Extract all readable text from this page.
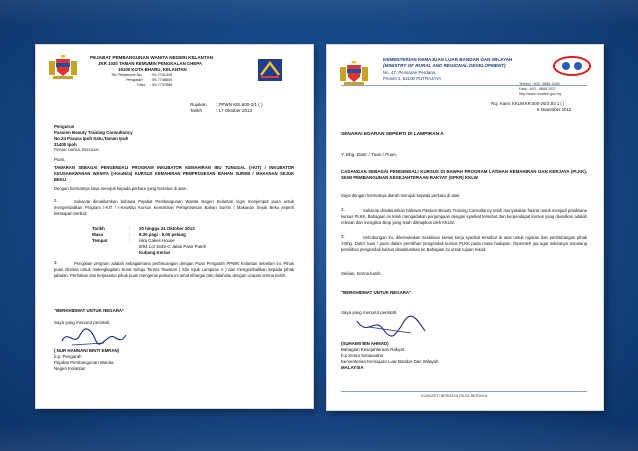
PEJABAT PEMBANGUNAN WANITA NEGERI KELANTAN
JKR 1030 TAMAN KEMUMIN PENGKALAN CHEPA
16100 KOTA BHARU, KELANTAN
Tel./Telephone No. : 09-7741426
Pengarah : 09-7748605
Faks : 09-7737688
Rujukan : PPWN KEL600-2/1 ( )
Tarikh	: 17 Oktober 2013
Pengurus
Passion Beauty Training Consultancy
No.24 Pasara Ipoh Satu,Taman Ipoh
31400 Ipoh
PERAK DARUL RIDZUAN
Puan,
TAWARAN SEBAGAI PENGENDALI PROGRAM INKUBATOR KEMAHIRAN IBU TUNGGAL (I-KIT) / INKUBATOR KEUSAHAWANAN WANITA (I-KeuNita) KURSUS KEMAHIRAN PEMPROSESAN BAHAN SURIMI / MAKANAN SEJUK BEKU
Dengan hormatnya saya merujuk kepada perkara yang tersebut di atas.
2.	Sukacita dimaklumkan bahawa Pejabat Pembangunan Wanita Negeri Kelantan ingin menjemput puan untuk mengendalikan Program I-KIT / I-KeuNita Kursus Kemahiran Pemprosesan Bahan Surimi / Makanan Sejuk Beku seperti ketetapan berikut:
Tarikh	: 20 hingga 24 Oktober 2013
Masa	: 8.30 pagi - 5.00 petang
Tempat	: Iska Cakes House
8/84 Lot 1645-C Jalan Pasir Puteh
Kubang Kerian
3.	Pengisian program adalah sebagaimana perbincangan dengan Puan Pengarah PPWN Kelantan sebelum ini. Pihak puan diminta untuk melengkapkan Surat Setuju Terima Tawaran ( Sila rujuk Lampiran A ) dan mengembalikan kepada pihak jabatan. Perhatian dan kerjasama pihak puan mengenai perkara ini amat dihargai dan didahului dengan ucapan terima kasih.
"BERKHIDMAT UNTUK NEGARA"
Saya yang menurut perintah,
( NUR HANNANI BINTI EMRAN)
b.p. Pengarah
Pejabat Pembangunan Wanita
Negeri Kelantan
KEMENTERIAN KEMAJUAN LUAR BANDAR DAN WILAYAH
(MINISTRY OF RURAL AND REGIONAL DEVELOPMENT)
No. 47, Persiaran Perdana,
Presint 4, 62100 PUTRAJAYA
Telefon : 603 - 8891 2000
Faks : 603 - 8888 2537
http://www.rurallink.gov.my
Ruj. Kami: KKLW.KR.600-26/3 Jld 1 ( )
6 November 2012
SENARAI EDARAN SEPERTI DI LAMPIRAN A
Y. Bhg. Dato' / Tuan / Puan,
CADANGAN SEBAGAI PENGENDALI KURSUS DI BAWAH PROGRAM LATIHAN KEMAHIRAN DAN KERJAYA (PLKK), SKIM PEMBANGUNAN KESEJAHTERAAN RAKYAT (SPKR) KKLW
Saya dengan hormatnya diarah merujuk kepada perkara di atas.
2.	Sukacita dimaklumkan bahawa Passion Beauty Training Consultancy telah menyatakan hasrat untuk menjadi pelaksana kursus PLKK. Bahagian ini telah mengadakan perjumpaan dengan syarikat tersebut dan berpendapat kursus yang diusulkan adalah relevan dan mengikut skop yang telah ditetapkan oleh KKLW.
3.	Sehubungan itu, dikemukakan sesalinan kertas kerja syarikat tersebut di atas untuk rujukan dan pertimbangan pihak Y.Bhg. Dato'/ tuan / puan dalam pemilihan pengendali kursus PLKK pada masa hadapan. Diperoleh jua agar sekiranya terpulang pemilihan pengendali kursus dimaklumkan ke Bahagian ini untuk tujuan rekod.
Sekian, terima kasih.
"BERKHIDMAT UNTUK NEGARA"
Saya yang menurut perintah,
(SUHAIMI BIN AHMAD)
Bahagian Kesejahteraan Rakyat
b.p Ketua Setiausaha
Kementerian Kemajuan Luar Bandar Dan Wilayah
MALAYSIA
KOMUNITI BERDAYA DESA BERJAYA
